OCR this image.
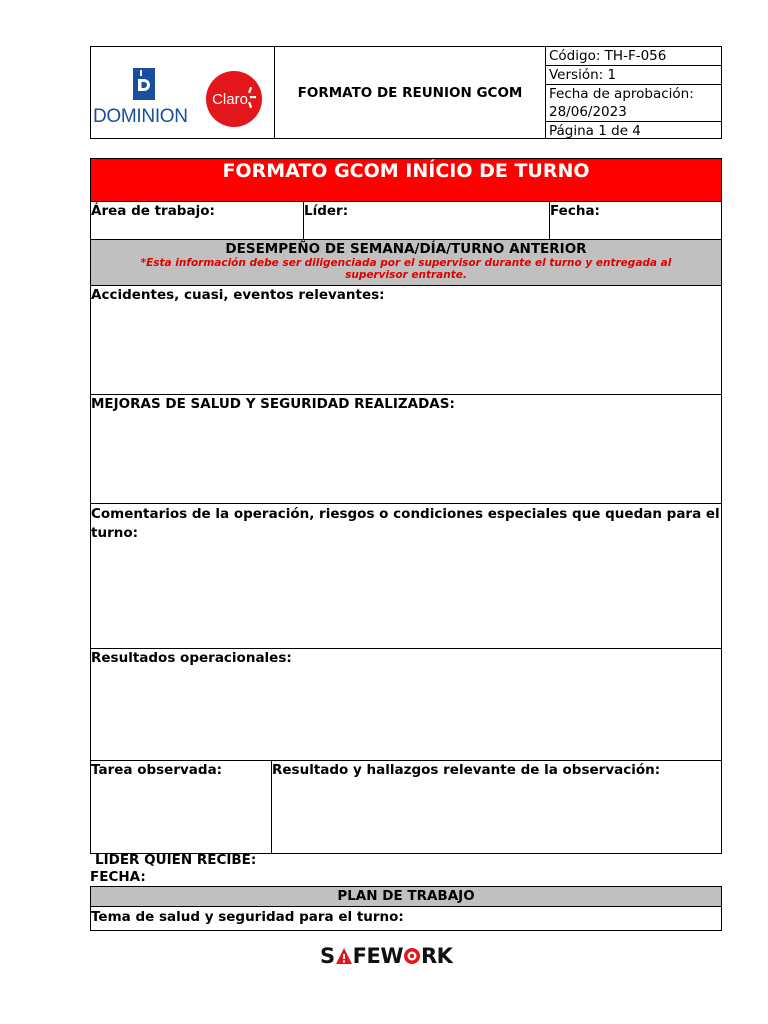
DOMINION
Claro	FORMATO DE REUNION GCOM
Código: TH-F-056
Versión: 1
Fecha de aprobación:
28/06/2023
Página 1 de 4
FORMATO GCOM INÍCIO DE TURNO
Área de trabajo:	Líder:	Fecha:
DESEMPEÑO DE SEMANA/DÍA/TURNO ANTERIOR
*Esta información debe ser diligenciada por el supervisor durante el turno y entregada al
supervisor entrante.
Accidentes, cuasi, eventos relevantes:
MEJORAS DE SALUD Y SEGURIDAD REALIZADAS:
Comentarios de la operación, riesgos o condiciones especiales que quedan para el turno:
Resultados operacionales:
Tarea observada:	Resultado y hallazgos relevante de la observación:
LIDER QUIEN RECIBE:
FECHA:
PLAN DE TRABAJO
Tema de salud y seguridad para el turno:
S FEW RK
